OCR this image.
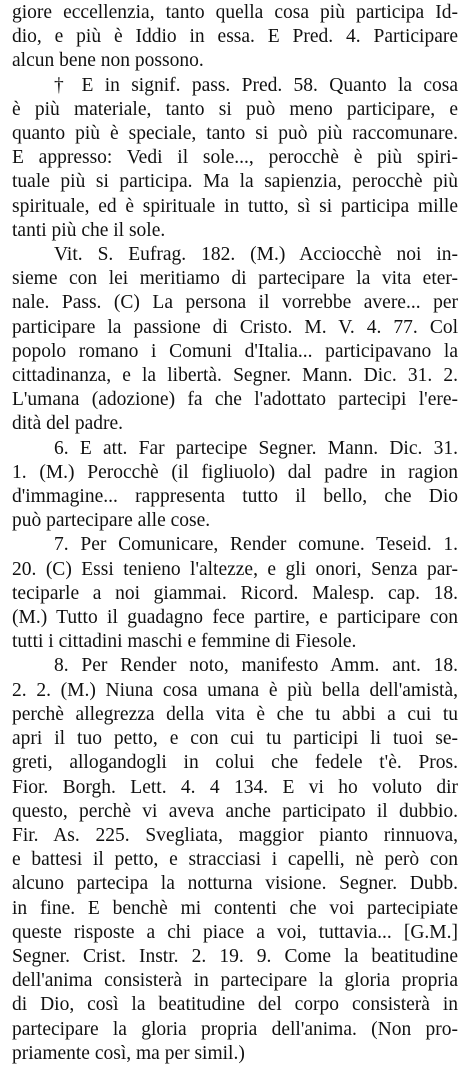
giore eccellenzia, tanto quella cosa più participa Id-
dio, e più è Iddio in essa. E Pred. 4. Participare
alcun bene non possono.
† E in signif. pass. Pred. 58. Quanto la cosa
è più materiale, tanto si può meno participare, e
quanto più è speciale, tanto si può più raccomunare.
E appresso: Vedi il sole..., perocchè è più spiri-
tuale più si participa. Ma la sapienzia, perocchè più
spirituale, ed è spirituale in tutto, sì si participa mille
tanti più che il sole.
Vit. S. Eufrag. 182. (M.) Acciocchè noi in-
sieme con lei meritiamo di partecipare la vita eter-
nale. Pass. (C) La persona il vorrebbe avere... per
participare la passione di Cristo. M. V. 4. 77. Col
popolo romano i Comuni d'Italia... participavano la
cittadinanza, e la libertà. Segner. Mann. Dic. 31. 2.
L'umana (adozione) fa che l'adottato partecipi l'ere-
dità del padre.
6. E att. Far partecipe Segner. Mann. Dic. 31.
1. (M.) Perocchè (il figliuolo) dal padre in ragion
d'immagine... rappresenta tutto il bello, che Dio
può partecipare alle cose.
7. Per Comunicare, Render comune. Teseid. 1.
20. (C) Essi tenieno l'altezze, e gli onori, Senza par-
teciparle a noi giammai. Ricord. Malesp. cap. 18.
(M.) Tutto il guadagno fece partire, e participare con
tutti i cittadini maschi e femmine di Fiesole.
8. Per Render noto, manifesto Amm. ant. 18.
2. 2. (M.) Niuna cosa umana è più bella dell'amistà,
perchè allegrezza della vita è che tu abbi a cui tu
apri il tuo petto, e con cui tu participi li tuoi se-
greti, allogandogli in colui che fedele t'è. Pros.
Fior. Borgh. Lett. 4. 4 134. E vi ho voluto dir
questo, perchè vi aveva anche participato il dubbio.
Fir. As. 225. Svegliata, maggior pianto rinnuova,
e battesi il petto, e stracciasi i capelli, nè però con
alcuno partecipa la notturna visione. Segner. Dubb.
in fine. E benchè mi contenti che voi partecipiate
queste risposte a chi piace a voi, tuttavia... [G.M.]
Segner. Crist. Instr. 2. 19. 9. Come la beatitudine
dell'anima consisterà in partecipare la gloria propria
di Dio, così la beatitudine del corpo consisterà in
partecipare la gloria propria dell'anima. (Non pro-
priamente così, ma per simil.)
